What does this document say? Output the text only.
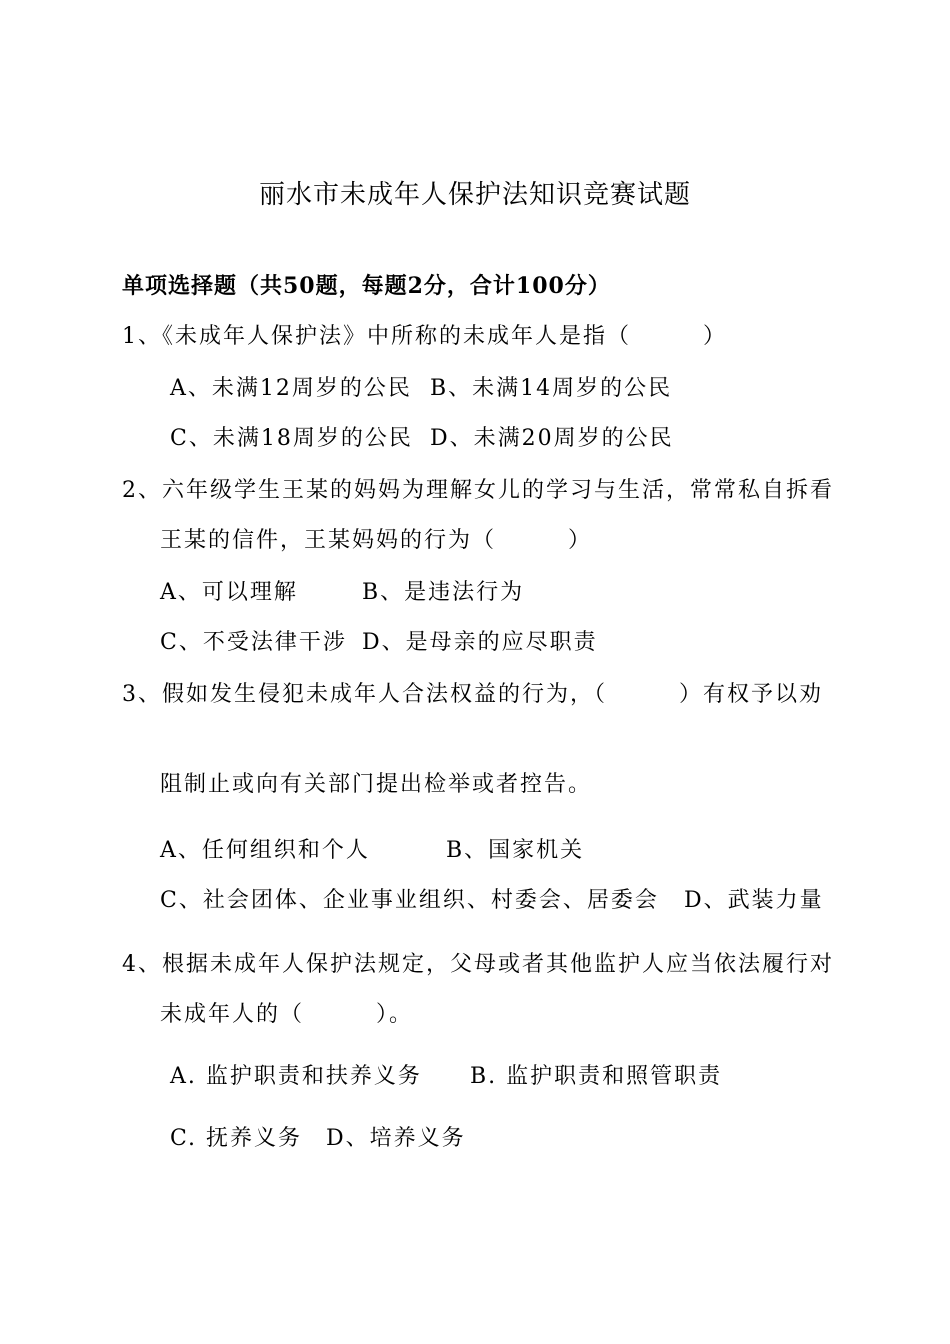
丽水市未成年人保护法知识竞赛试题
单项选择题（共50题，每题2分，合计100分）
1、《未成年人保护法》中所称的未成年人是指（　　　）
A、未满12周岁的公民 B、未满14周岁的公民
C、未满18周岁的公民 D、未满20周岁的公民
2、六年级学生王某的妈妈为理解女儿的学习与生活，常常私自拆看
王某的信件，王某妈妈的行为（　　　）
A、可以理解	B、是违法行为
C、不受法律干涉 D、是母亲的应尽职责
3、假如发生侵犯未成年人合法权益的行为，（　　　）有权予以劝
阻制止或向有关部门提出检举或者控告。
A、任何组织和个人	B、国家机关
C、社会团体、企业事业组织、村委会、居委会 D、武装力量
4、根据未成年人保护法规定，父母或者其他监护人应当依法履行对
未成年人的（　　　）。
A. 监护职责和扶养义务 B. 监护职责和照管职责
C. 抚养义务 D、培养义务
